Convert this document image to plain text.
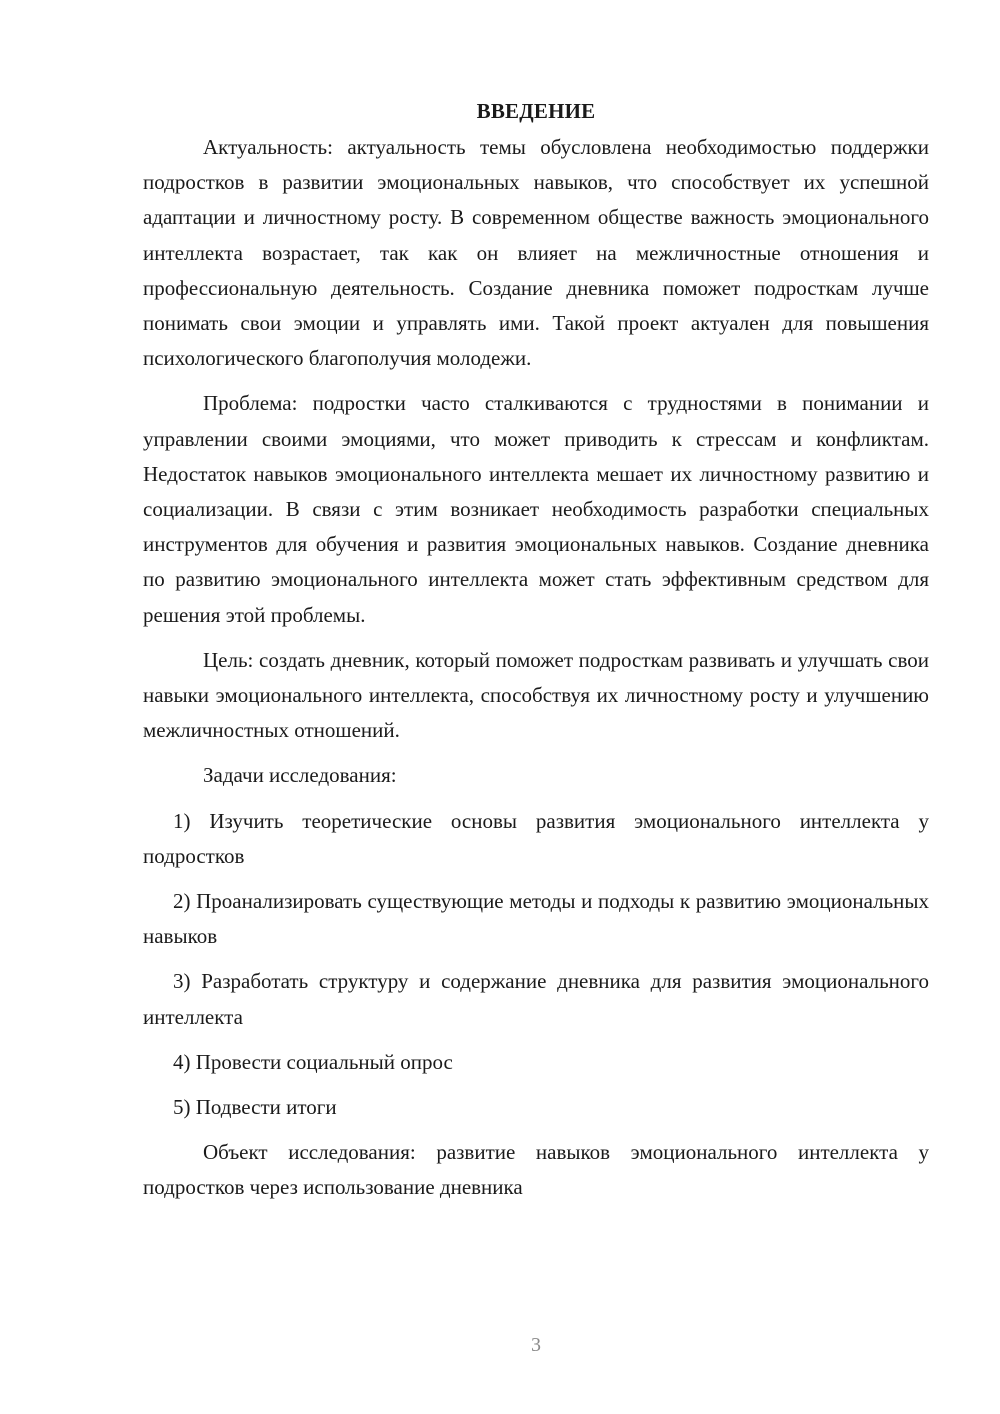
ВВЕДЕНИЕ

Актуальность: актуальность темы обусловлена необходимостью поддержки подростков в развитии эмоциональных навыков, что способствует их успешной адаптации и личностному росту. В современном обществе важность эмоционального интеллекта возрастает, так как он влияет на межличностные отношения и профессиональную деятельность. Создание дневника поможет подросткам лучше понимать свои эмоции и управлять ими. Такой проект актуален для повышения психологического благополучия молодежи.

Проблема: подростки часто сталкиваются с трудностями в понимании и управлении своими эмоциями, что может приводить к стрессам и конфликтам. Недостаток навыков эмоционального интеллекта мешает их личностному развитию и социализации. В связи с этим возникает необходимость разработки специальных инструментов для обучения и развития эмоциональных навыков. Создание дневника по развитию эмоционального интеллекта может стать эффективным средством для решения этой проблемы.

Цель: создать дневник, который поможет подросткам развивать и улучшать свои навыки эмоционального интеллекта, способствуя их личностному росту и улучшению межличностных отношений.

Задачи исследования:

1) Изучить теоретические основы развития эмоционального интеллекта у подростков

2) Проанализировать существующие методы и подходы к развитию эмоциональных навыков

3) Разработать структуру и содержание дневника для развития эмоционального интеллекта

4) Провести социальный опрос

5) Подвести итоги

Объект исследования: развитие навыков эмоционального интеллекта у подростков через использование дневника

3
